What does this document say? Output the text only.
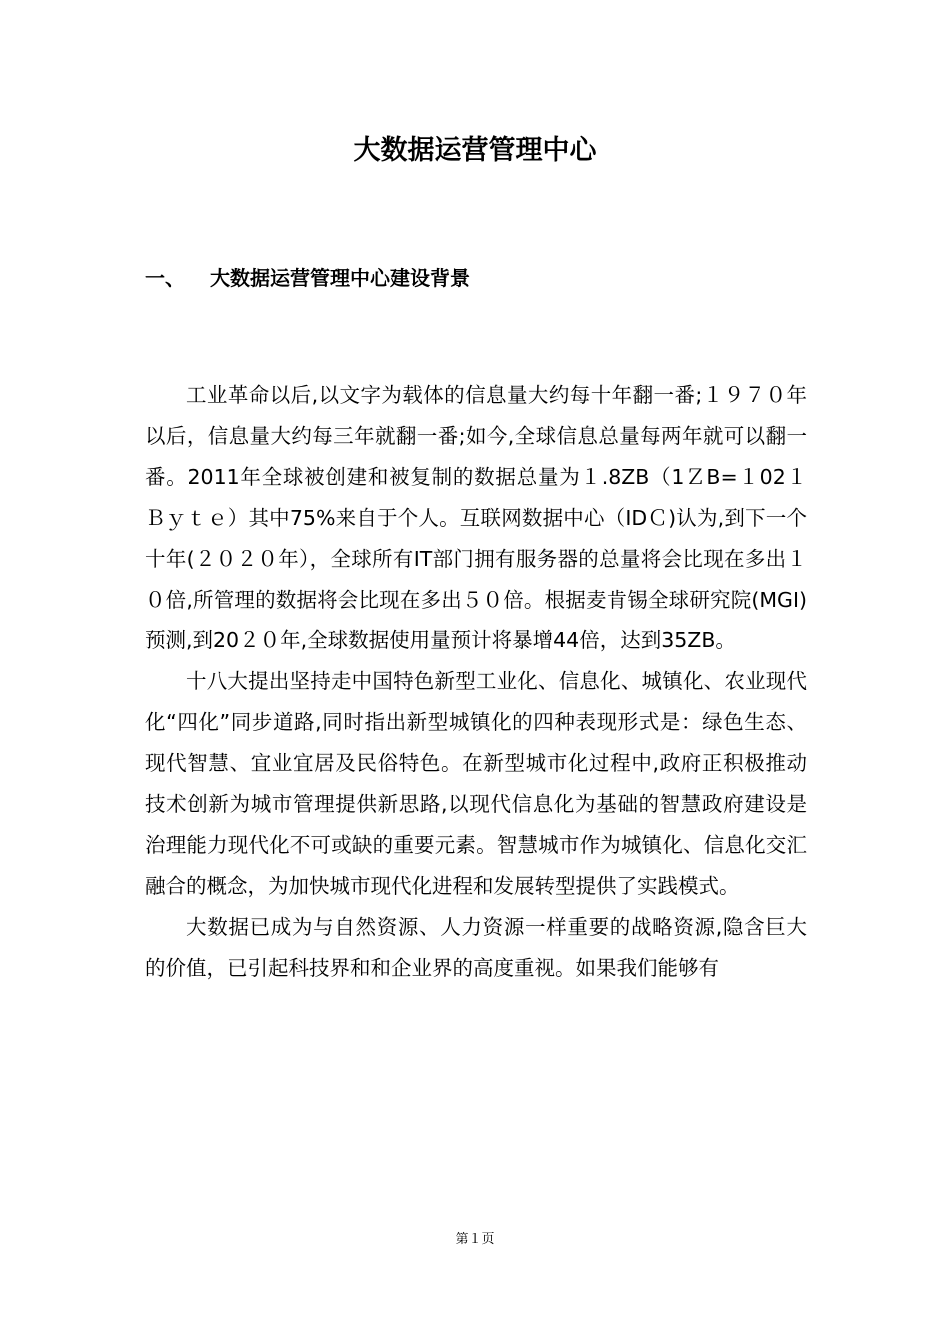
大数据运营管理中心
一、 大数据运营管理中心建设背景

工业革命以后,以文字为载体的信息量大约每十年翻一番;１９７０年以后，信息量大约每三年就翻一番;如今,全球信息总量每两年就可以翻一番。2011年全球被创建和被复制的数据总量为１.8ZB（1ＺB=１02１Ｂｙｔｅ）其中75%来自于个人。互联网数据中心（IDＣ)认为,到下一个十年(２０２０年），全球所有IT部门拥有服务器的总量将会比现在多出１０倍,所管理的数据将会比现在多出５０倍。根据麦肯锡全球研究院(MGI)预测,到20２０年,全球数据使用量预计将暴增44倍，达到35ZB。

十八大提出坚持走中国特色新型工业化、信息化、城镇化、农业现代化“四化”同步道路,同时指出新型城镇化的四种表现形式是：绿色生态、现代智慧、宜业宜居及民俗特色。在新型城市化过程中,政府正积极推动技术创新为城市管理提供新思路,以现代信息化为基础的智慧政府建设是治理能力现代化不可或缺的重要元素。智慧城市作为城镇化、信息化交汇融合的概念，为加快城市现代化进程和发展转型提供了实践模式。

大数据已成为与自然资源、人力资源一样重要的战略资源,隐含巨大的价值，已引起科技界和和企业界的高度重视。如果我们能够有

第１页
